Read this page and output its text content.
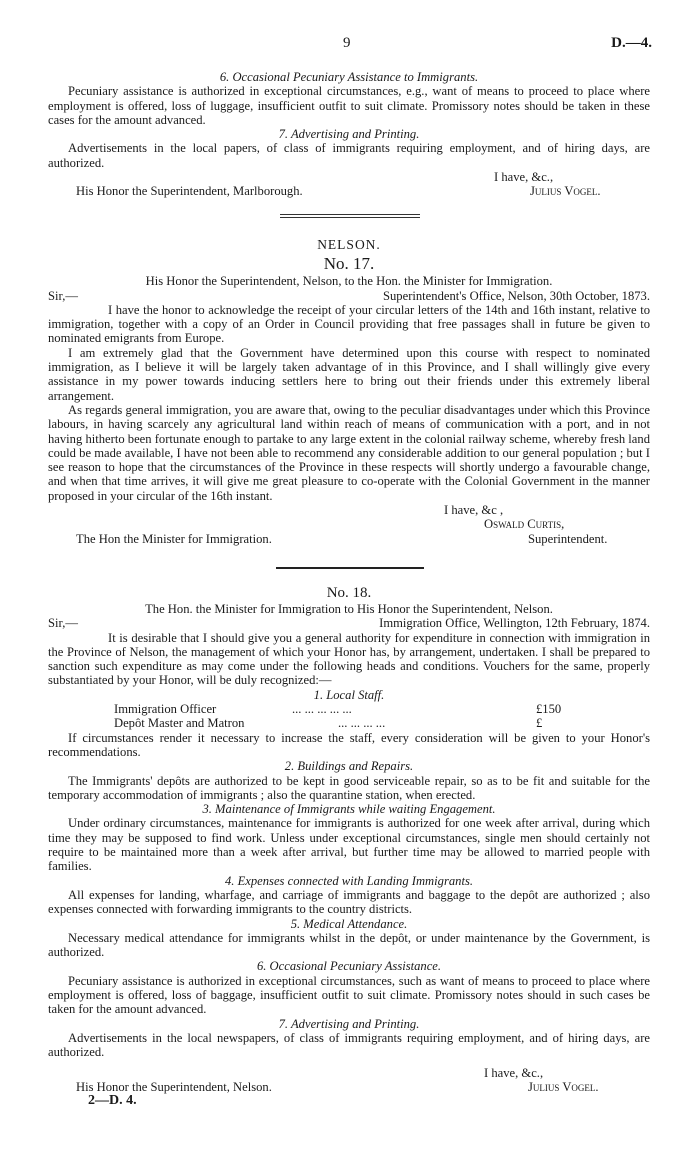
9	D.—4.

6. Occasional Pecuniary Assistance to Immigrants.

Pecuniary assistance is authorized in exceptional circumstances, e.g., want of means to proceed to place where employment is offered, loss of luggage, insufficient outfit to suit climate. Promissory notes should be taken in these cases for the amount advanced.

7. Advertising and Printing.

Advertisements in the local papers, of class of immigrants requiring employment, and of hiring days, are authorized.

I have, &c.,
His Honor the Superintendent, Marlborough.	Julius Vogel.

NELSON.

No. 17.

His Honor the Superintendent, Nelson, to the Hon. the Minister for Immigration.

Sir,—	Superintendent's Office, Nelson, 30th October, 1873.

I have the honor to acknowledge the receipt of your circular letters of the 14th and 16th instant, relative to immigration, together with a copy of an Order in Council providing that free passages shall in future be given to nominated emigrants from Europe.

I am extremely glad that the Government have determined upon this course with respect to nominated immigration, as I believe it will be largely taken advantage of in this Province, and I shall willingly give every assistance in my power towards inducing settlers here to bring out their friends under this extremely liberal arrangement.

As regards general immigration, you are aware that, owing to the peculiar disadvantages under which this Province labours, in having scarcely any agricultural land within reach of means of communication with a port, and in not having hitherto been fortunate enough to partake to any large extent in the colonial railway scheme, whereby fresh land could be made available, I have not been able to recommend any considerable addition to our general population ; but I see reason to hope that the circumstances of the Province in these respects will shortly undergo a favourable change, and when that time arrives, it will give me great pleasure to co-operate with the Colonial Government in the manner proposed in your circular of the 16th instant.

I have, &c ,
Oswald Curtis,
The Hon the Minister for Immigration.	Superintendent.

No. 18.

The Hon. the Minister for Immigration to His Honor the Superintendent, Nelson.

Sir,—	Immigration Office, Wellington, 12th February, 1874.

It is desirable that I should give you a general authority for expenditure in connection with immigration in the Province of Nelson, the management of which your Honor has, by arrangement, undertaken. I shall be prepared to sanction such expenditure as may come under the following heads and conditions. Vouchers for the same, properly substantiated by your Honor, will be duly recognized:—

1. Local Staff.

Immigration Officer	... ... ... ... ...	£150
Depôt Master and Matron	... ... ... ...	£

If circumstances render it necessary to increase the staff, every consideration will be given to your Honor's recommendations.

2. Buildings and Repairs.

The Immigrants' depôts are authorized to be kept in good serviceable repair, so as to be fit and suitable for the temporary accommodation of immigrants ; also the quarantine station, when erected.

3. Maintenance of Immigrants while waiting Engagement.

Under ordinary circumstances, maintenance for immigrants is authorized for one week after arrival, during which time they may be supposed to find work. Unless under exceptional circumstances, single men should certainly not require to be maintained more than a week after arrival, but further time may be allowed to married people with families.

4. Expenses connected with Landing Immigrants.

All expenses for landing, wharfage, and carriage of immigrants and baggage to the depôt are authorized ; also expenses connected with forwarding immigrants to the country districts.

5. Medical Attendance.

Necessary medical attendance for immigrants whilst in the depôt, or under maintenance by the Government, is authorized.

6. Occasional Pecuniary Assistance.

Pecuniary assistance is authorized in exceptional circumstances, such as want of means to proceed to place where employment is offered, loss of baggage, insufficient outfit to suit climate. Promissory notes should in such cases be taken for the amount advanced.

7. Advertising and Printing.

Advertisements in the local newspapers, of class of immigrants requiring employment, and of hiring days, are authorized.

I have, &c.,
His Honor the Superintendent, Nelson.	Julius Vogel.
2—D. 4.
